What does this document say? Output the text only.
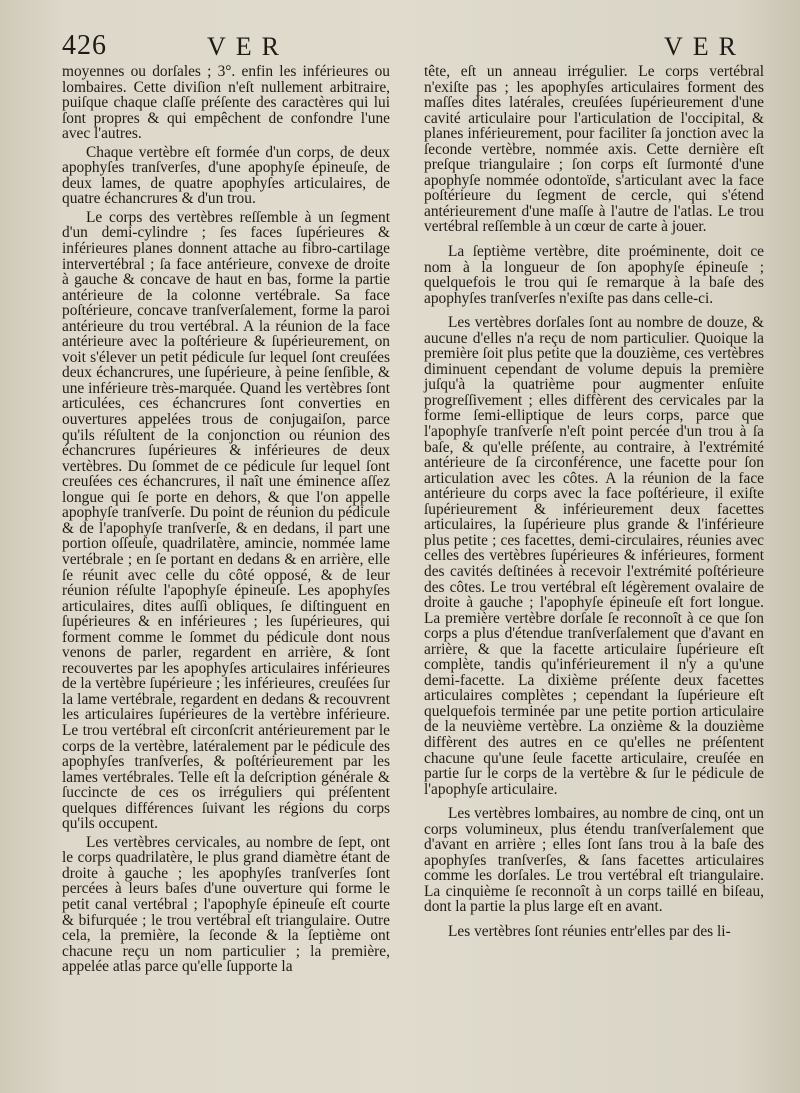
426	VER	VER

moyennes ou dorſales ; 3°. enfin les inférieures ou lombaires. Cette diviſion n'eſt nullement arbitraire, puiſque chaque claſſe préſente des caractères qui lui ſont propres & qui empêchent de confondre l'une avec l'autres.

Chaque vertèbre eſt formée d'un corps, de deux apophyſes tranſverſes, d'une apophyſe épineuſe, de deux lames, de quatre apophyſes articulaires, de quatre échancrures & d'un trou.

Le corps des vertèbres reſſemble à un ſegment d'un demi-cylindre ; ſes faces ſupérieures & inférieures planes donnent attache au fibro-cartilage intervertébral ; ſa face antérieure, convexe de droite à gauche & concave de haut en bas, forme la partie antérieure de la colonne vertébrale. Sa face poſtérieure, concave tranſverſalement, forme la paroi antérieure du trou vertébral. A la réunion de la face antérieure avec la poſtérieure & ſupérieurement, on voit s'élever un petit pédicule ſur lequel ſont creuſées deux échancrures, une ſupérieure, à peine ſenſible, & une inférieure très-marquée. Quand les vertèbres ſont articulées, ces échancrures ſont converties en ouvertures appelées trous de conjugaiſon, parce qu'ils réſultent de la conjonction ou réunion des échancrures ſupérieures & inférieures de deux vertèbres. Du ſommet de ce pédicule ſur lequel ſont creuſées ces échancrures, il naît une éminence aſſez longue qui ſe porte en dehors, & que l'on appelle apophyſe tranſverſe. Du point de réunion du pédicule & de l'apophyſe tranſverſe, & en dedans, il part une portion oſſeuſe, quadrilatère, amincie, nommée lame vertébrale ; en ſe portant en dedans & en arrière, elle ſe réunit avec celle du côté opposé, & de leur réunion réſulte l'apophyſe épineuſe. Les apophyſes articulaires, dites auſſi obliques, ſe diſtinguent en ſupérieures & en inférieures ; les ſupérieures, qui forment comme le ſommet du pédicule dont nous venons de parler, regardent en arrière, & ſont recouvertes par les apophyſes articulaires inférieures de la vertèbre ſupérieure ; les inférieures, creuſées ſur la lame vertébrale, regardent en dedans & recouvrent les articulaires ſupérieures de la vertèbre inférieure. Le trou vertébral eſt circonſcrit antérieurement par le corps de la vertèbre, latéralement par le pédicule des apophyſes tranſverſes, & poſtérieurement par les lames vertébrales. Telle eſt la deſcription générale & ſuccincte de ces os irréguliers qui préſentent quelques différences ſuivant les régions du corps qu'ils occupent.

Les vertèbres cervicales, au nombre de ſept, ont le corps quadrilatère, le plus grand diamètre étant de droite à gauche ; les apophyſes tranſverſes ſont percées à leurs baſes d'une ouverture qui forme le petit canal vertébral ; l'apophyſe épineuſe eſt courte & bifurquée ; le trou vertébral eſt triangulaire. Outre cela, la première, la ſeconde & la ſeptième ont chacune reçu un nom particulier ; la première, appelée atlas parce qu'elle ſupporte la

tête, eſt un anneau irrégulier. Le corps vertébral n'exiſte pas ; les apophyſes articulaires forment des maſſes dites latérales, creuſées ſupérieurement d'une cavité articulaire pour l'articulation de l'occipital, & planes inférieurement, pour faciliter ſa jonction avec la ſeconde vertèbre, nommée axis. Cette dernière eſt preſque triangulaire ; ſon corps eſt ſurmonté d'une apophyſe nommée odontoïde, s'articulant avec la face poſtérieure du ſegment de cercle, qui s'étend antérieurement d'une maſſe à l'autre de l'atlas. Le trou vertébral reſſemble à un cœur de carte à jouer.

La ſeptième vertèbre, dite proéminente, doit ce nom à la longueur de ſon apophyſe épineuſe ; quelquefois le trou qui ſe remarque à la baſe des apophyſes tranſverſes n'exiſte pas dans celle-ci.

Les vertèbres dorſales ſont au nombre de douze, & aucune d'elles n'a reçu de nom particulier. Quoique la première ſoit plus petite que la douzième, ces vertèbres diminuent cependant de volume depuis la première juſqu'à la quatrième pour augmenter enſuite progreſſivement ; elles diffèrent des cervicales par la forme ſemi-elliptique de leurs corps, parce que l'apophyſe tranſverſe n'eſt point percée d'un trou à ſa baſe, & qu'elle préſente, au contraire, à l'extrémité antérieure de ſa circonférence, une facette pour ſon articulation avec les côtes. A la réunion de la face antérieure du corps avec la face poſtérieure, il exiſte ſupérieurement & inférieurement deux facettes articulaires, la ſupérieure plus grande & l'inférieure plus petite ; ces facettes, demi-circulaires, réunies avec celles des vertèbres ſupérieures & inférieures, forment des cavités deſtinées à recevoir l'extrémité poſtérieure des côtes. Le trou vertébral eſt légèrement ovalaire de droite à gauche ; l'apophyſe épineuſe eſt fort longue. La première vertèbre dorſale ſe reconnoît à ce que ſon corps a plus d'étendue tranſverſalement que d'avant en arrière, & que la facette articulaire ſupérieure eſt complète, tandis qu'inférieurement il n'y a qu'une demi-facette. La dixième préſente deux facettes articulaires complètes ; cependant la ſupérieure eſt quelquefois terminée par une petite portion articulaire de la neuvième vertèbre. La onzième & la douzième diffèrent des autres en ce qu'elles ne préſentent chacune qu'une ſeule facette articulaire, creuſée en partie ſur le corps de la vertèbre & ſur le pédicule de l'apophyſe articulaire.

Les vertèbres lombaires, au nombre de cinq, ont un corps volumineux, plus étendu tranſverſalement que d'avant en arrière ; elles ſont ſans trou à la baſe des apophyſes tranſverſes, & ſans facettes articulaires comme les dorſales. Le trou vertébral eſt triangulaire. La cinquième ſe reconnoît à un corps taillé en biſeau, dont la partie la plus large eſt en avant.

Les vertèbres ſont réunies entr'elles par des li-
